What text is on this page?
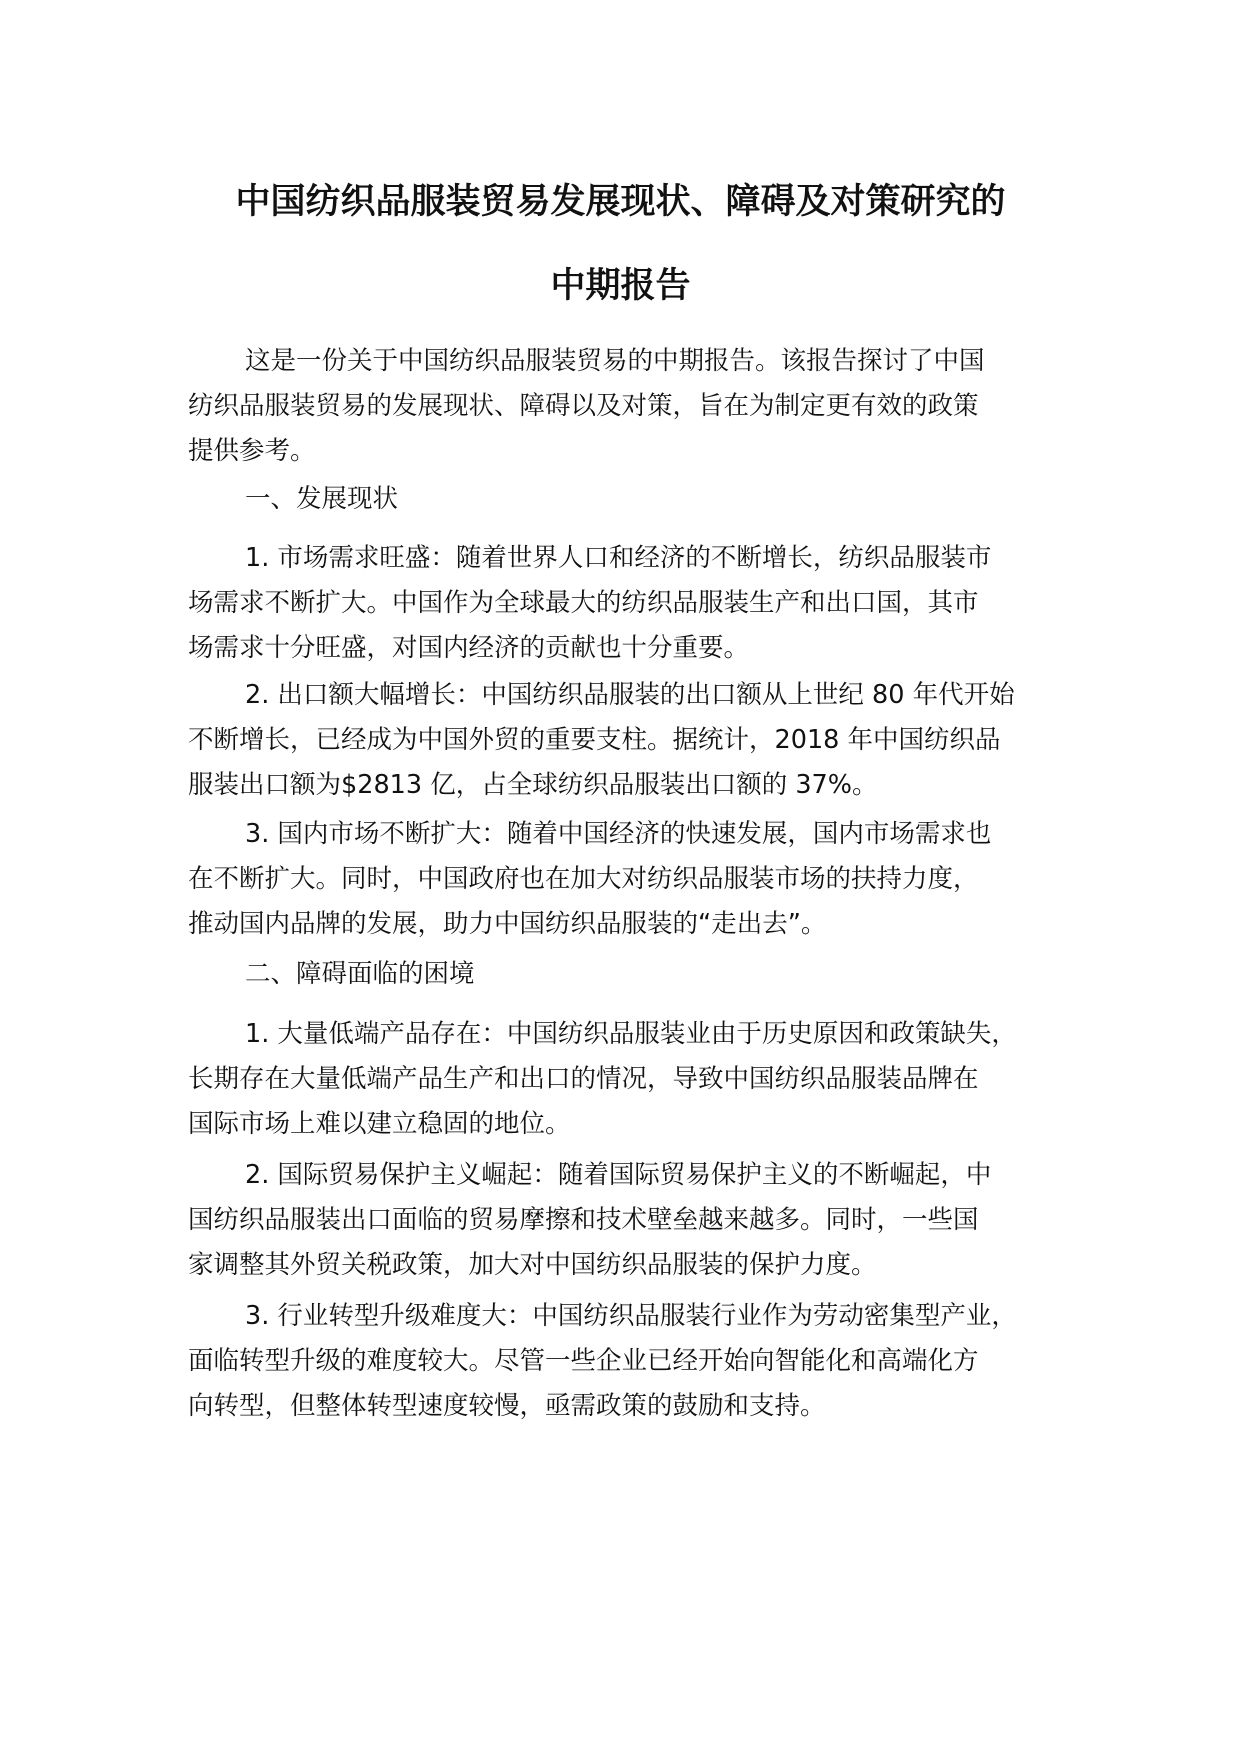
中国纺织品服装贸易发展现状、障碍及对策研究的
中期报告

这是一份关于中国纺织品服装贸易的中期报告。该报告探讨了中国
纺织品服装贸易的发展现状、障碍以及对策，旨在为制定更有效的政策
提供参考。

一、发展现状

1. 市场需求旺盛：随着世界人口和经济的不断增长，纺织品服装市
场需求不断扩大。中国作为全球最大的纺织品服装生产和出口国，其市
场需求十分旺盛，对国内经济的贡献也十分重要。

2. 出口额大幅增长：中国纺织品服装的出口额从上世纪 80 年代开始
不断增长，已经成为中国外贸的重要支柱。据统计，2018 年中国纺织品
服装出口额为$2813 亿，占全球纺织品服装出口额的 37%。

3. 国内市场不断扩大：随着中国经济的快速发展，国内市场需求也
在不断扩大。同时，中国政府也在加大对纺织品服装市场的扶持力度，
推动国内品牌的发展，助力中国纺织品服装的“走出去”。

二、障碍面临的困境

1. 大量低端产品存在：中国纺织品服装业由于历史原因和政策缺失，
长期存在大量低端产品生产和出口的情况，导致中国纺织品服装品牌在
国际市场上难以建立稳固的地位。

2. 国际贸易保护主义崛起：随着国际贸易保护主义的不断崛起，中
国纺织品服装出口面临的贸易摩擦和技术壁垒越来越多。同时，一些国
家调整其外贸关税政策，加大对中国纺织品服装的保护力度。

3. 行业转型升级难度大：中国纺织品服装行业作为劳动密集型产业，
面临转型升级的难度较大。尽管一些企业已经开始向智能化和高端化方
向转型，但整体转型速度较慢，亟需政策的鼓励和支持。
